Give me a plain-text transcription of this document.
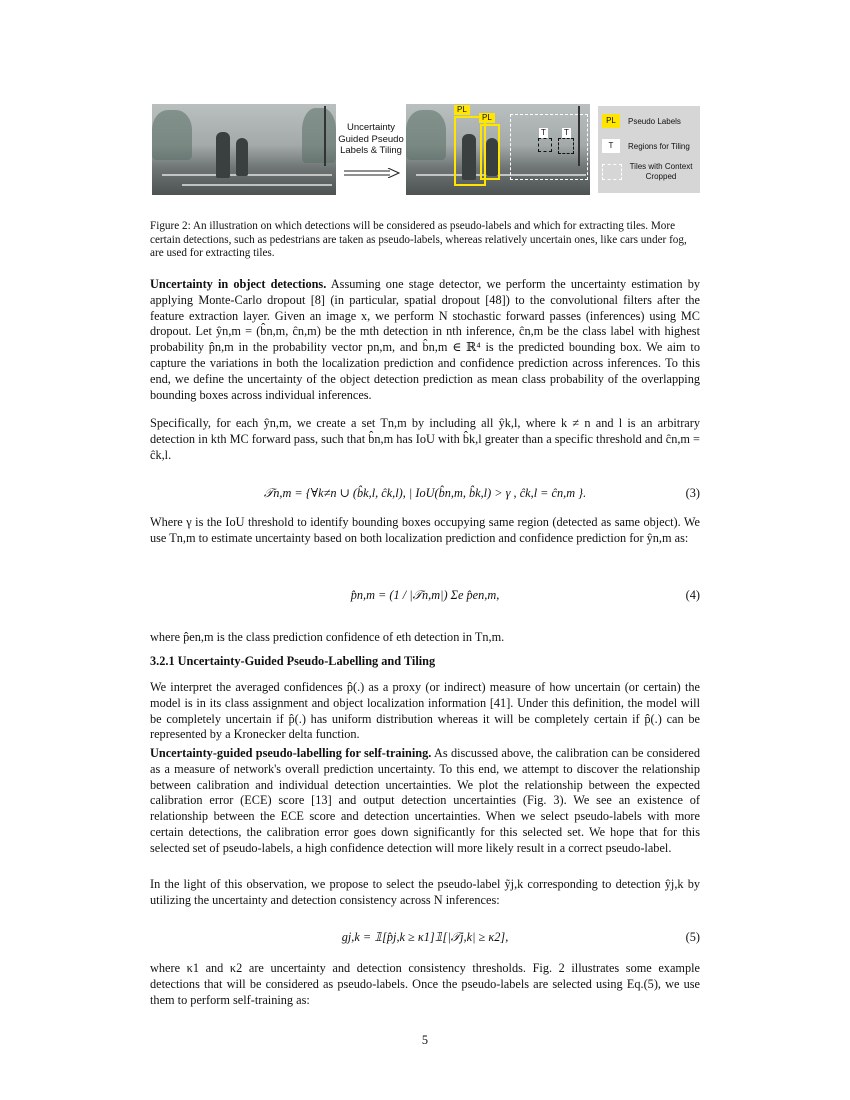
Uncertainty Guided Pseudo Labels & Tiling
T T
PL
PL	PL	Pseudo Labels
T	Regions for Tiling
Tiles with Context Cropped
Figure 2: An illustration on which detections will be considered as pseudo-labels and which for extracting tiles. More certain detections, such as pedestrians are taken as pseudo-labels, whereas relatively uncertain ones, like cars under fog, are used for extracting tiles.
Uncertainty in object detections. Assuming one stage detector, we perform the uncertainty estimation by applying Monte-Carlo dropout [8] (in particular, spatial dropout [48]) to the convolutional filters after the feature extraction layer. Given an image x, we perform N stochastic forward passes (inferences) using MC dropout. Let ŷn,m = (b̂n,m, ĉn,m) be the mth detection in nth inference, ĉn,m be the class label with highest probability p̂n,m in the probability vector pn,m, and b̂n,m ∈ ℝ⁴ is the predicted bounding box. We aim to capture the variations in both the localization prediction and confidence prediction across inferences. To this end, we define the uncertainty of the object detection prediction as mean class probability of the overlapping bounding boxes across individual inferences.
Specifically, for each ŷn,m, we create a set Tn,m by including all ŷk,l, where k ≠ n and l is an arbitrary detection in kth MC forward pass, such that b̂n,m has IoU with b̂k,l greater than a specific threshold and ĉn,m = ĉk,l.
𝒯n,m = {∀k≠n ∪ (b̂k,l, ĉk,l), | IoU(b̂n,m, b̂k,l) > γ , ĉk,l = ĉn,m }.	(3)
Where γ is the IoU threshold to identify bounding boxes occupying same region (detected as same object). We use Tn,m to estimate uncertainty based on both localization prediction and confidence prediction for ŷn,m as:
p̂n,m = (1 / |𝒯n,m|) Σe p̂en,m,	(4)
where p̂en,m is the class prediction confidence of eth detection in Tn,m.
3.2.1 Uncertainty-Guided Pseudo-Labelling and Tiling
We interpret the averaged confidences p̂(.) as a proxy (or indirect) measure of how uncertain (or certain) the model is in its class assignment and object localization information [41]. Under this definition, the model will be completely uncertain if p̂(.) has uniform distribution whereas it will be completely certain if p̂(.) can be represented by a Kronecker delta function.
Uncertainty-guided pseudo-labelling for self-training. As discussed above, the calibration can be considered as a measure of network's overall prediction uncertainty. To this end, we attempt to discover the relationship between calibration and individual detection uncertainties. We plot the relationship between the expected calibration error (ECE) score [13] and output detection uncertainties (Fig. 3). We see an existence of relationship between the ECE score and detection uncertainties. When we select pseudo-labels with more certain detections, the calibration error goes down significantly for this selected set. We hope that for this selected set of pseudo-labels, a high confidence detection will more likely result in a correct pseudo-label.
In the light of this observation, we propose to select the pseudo-label ỹj,k corresponding to detection ŷj,k by utilizing the uncertainty and detection consistency across N inferences:
gj,k = 𝟙[p̂j,k ≥ κ1]𝟙[|𝒯j,k| ≥ κ2],	(5)
where κ1 and κ2 are uncertainty and detection consistency thresholds. Fig. 2 illustrates some example detections that will be considered as pseudo-labels. Once the pseudo-labels are selected using Eq.(5), we use them to perform self-training as:
5
